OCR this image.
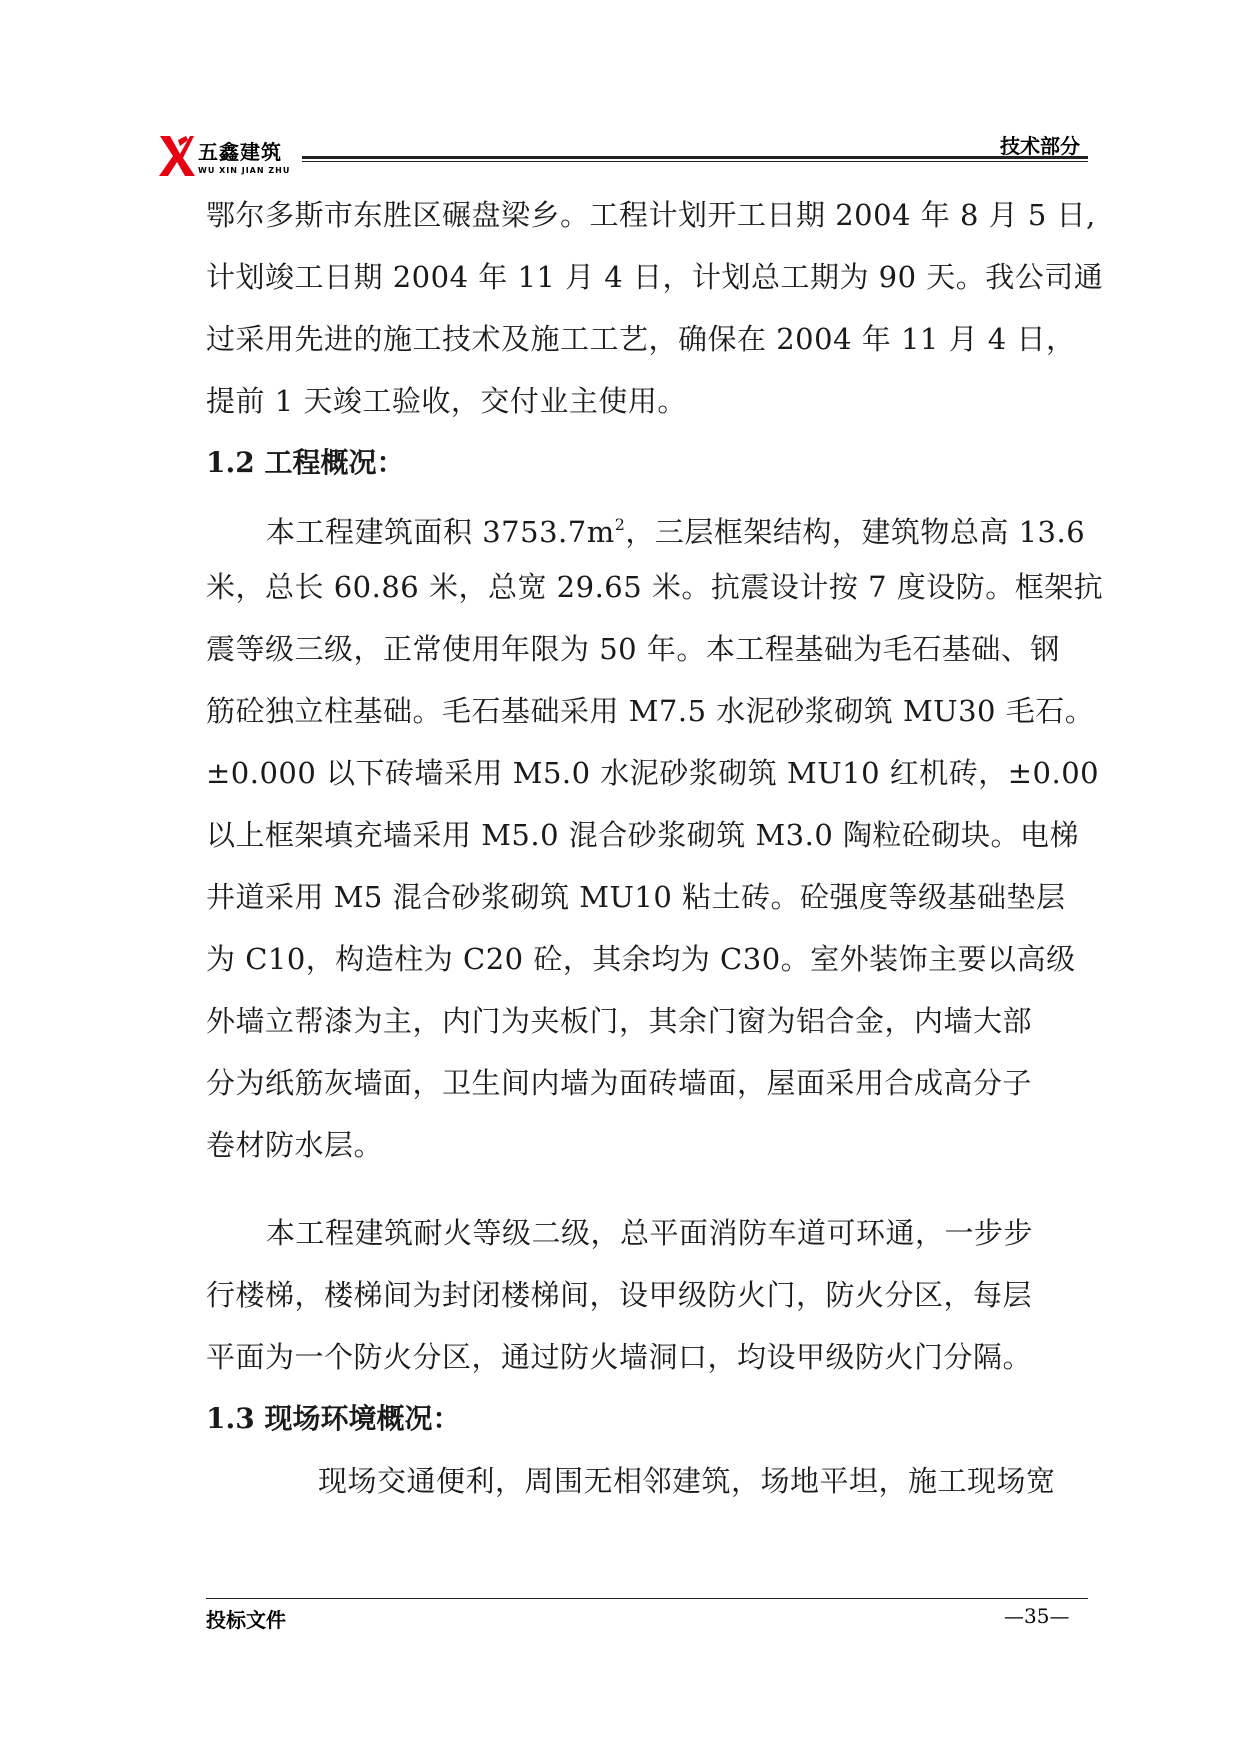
五鑫建筑
WU XIN JIAN ZHU
技术部分
鄂尔多斯市东胜区碾盘梁乡。工程计划开工日期 2004 年 8 月 5 日,
计划竣工日期 2004 年 11 月 4 日，计划总工期为 90 天。我公司通
过采用先进的施工技术及施工工艺，确保在 2004 年 11 月 4 日，
提前 1 天竣工验收，交付业主使用。
1.2 工程概况：
本工程建筑面积 $3753.7m^2$，三层框架结构，建筑物总高 13.6
米，总长 60.86 米，总宽 29.65 米。抗震设计按 7 度设防。框架抗
震等级三级，正常使用年限为 50 年。本工程基础为毛石基础、钢
筋砼独立柱基础。毛石基础采用 M7.5 水泥砂浆砌筑 MU30 毛石。
±0.000 以下砖墙采用 M5.0 水泥砂浆砌筑 MU10 红机砖，±0.00
以上框架填充墙采用 M5.0 混合砂浆砌筑 M3.0 陶粒砼砌块。电梯
井道采用 M5 混合砂浆砌筑 MU10 粘土砖。砼强度等级基础垫层
为 C10，构造柱为 C20 砼，其余均为 C30。室外装饰主要以高级
外墙立帮漆为主，内门为夹板门，其余门窗为铝合金，内墙大部
分为纸筋灰墙面，卫生间内墙为面砖墙面，屋面采用合成高分子
卷材防水层。
本工程建筑耐火等级二级，总平面消防车道可环通，一步步
行楼梯，楼梯间为封闭楼梯间，设甲级防火门，防火分区，每层
平面为一个防火分区，通过防火墙洞口，均设甲级防火门分隔。
1.3 现场环境概况：
现场交通便利，周围无相邻建筑，场地平坦，施工现场宽
投标文件	—35—
